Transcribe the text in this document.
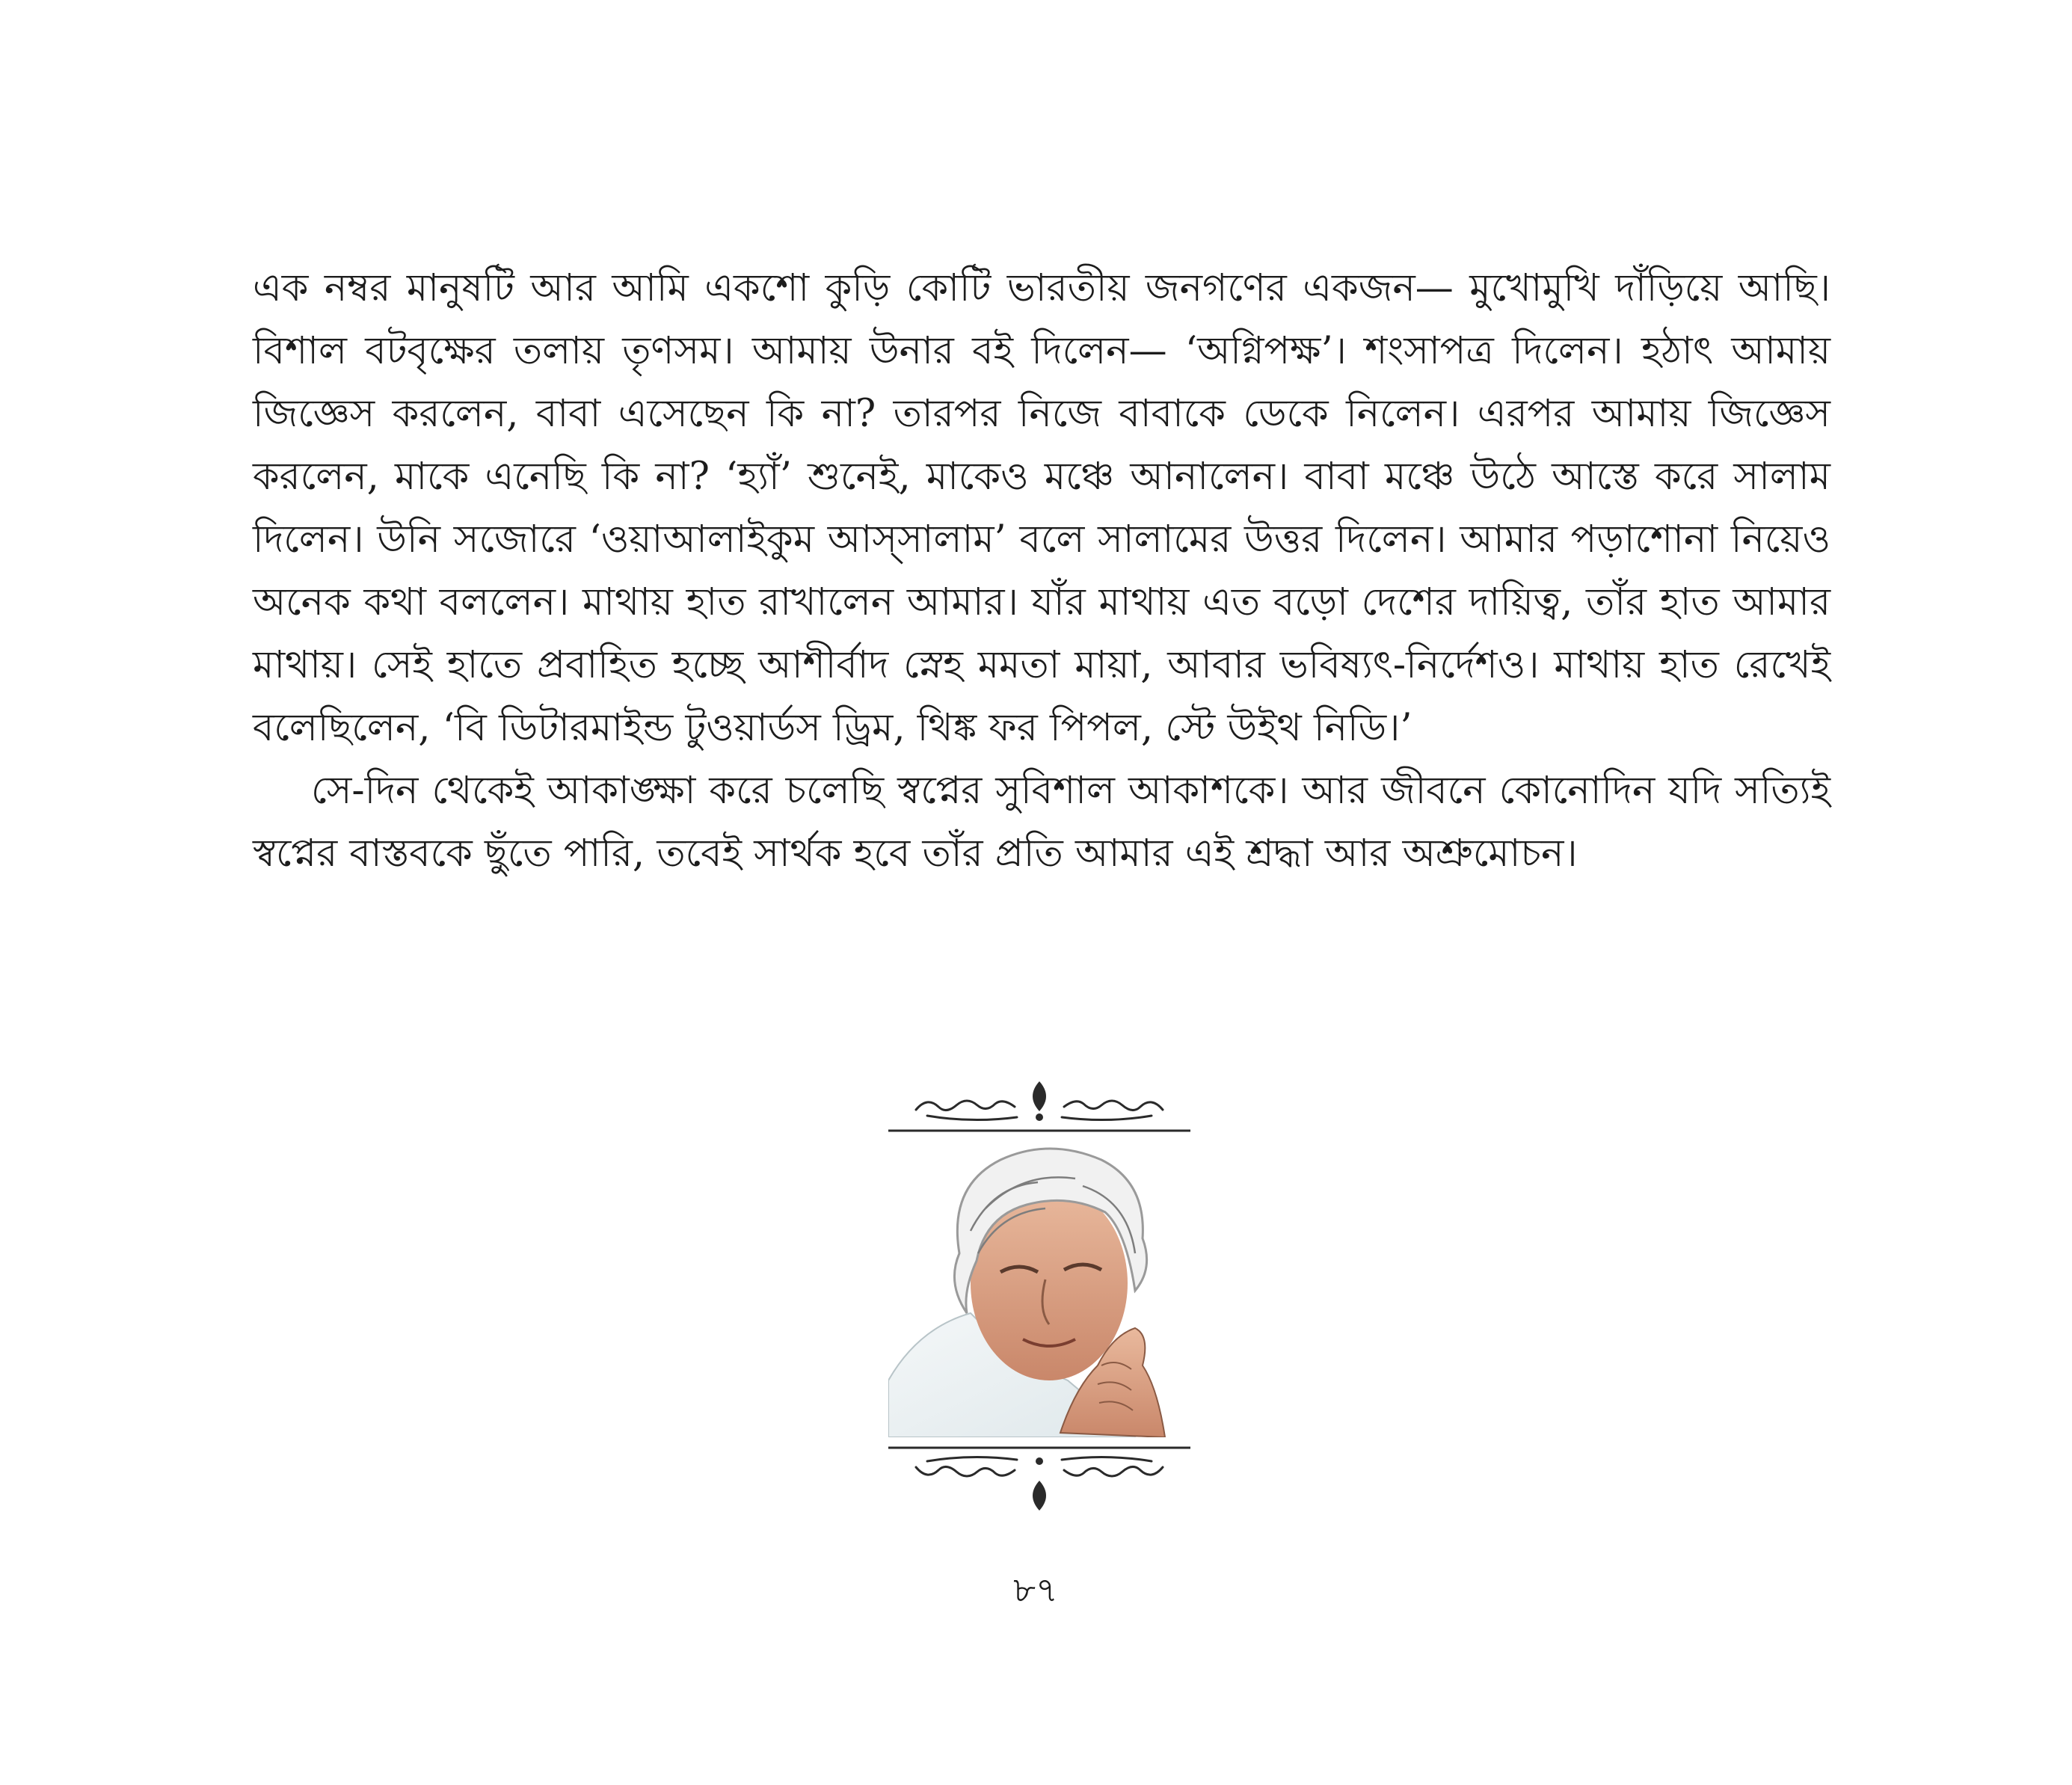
এক নম্বর মানুষটি আর আমি একশো কুড়ি কোটি ভারতীয় জনগণের একজন— মুখোমুখি দাঁড়িয়ে আছি। বিশাল বটবৃক্ষের তলায় তৃণসম। আমায় উনার বই দিলেন— ‘অগ্নিপক্ষ’। শংসাপত্র দিলেন। হঠাৎ আমায় জিজ্ঞেস করলেন, বাবা এসেছেন কি না? তারপর নিজে বাবাকে ডেকে নিলেন। এরপর আমায় জিজ্ঞেস করলেন, মাকে এনেছি কি না? ‘হ্যাঁ’ শুনেই, মাকেও মঞ্চে আনালেন। বাবা মঞ্চে উঠে আস্তে করে সালাম দিলেন। উনি সজোরে ‘ওয়াআলাইকুম আস্‌সালাম’ বলে সালামের উত্তর দিলেন। আমার পড়াশোনা নিয়েও অনেক কথা বললেন। মাথায় হাত রাখালেন আমার। যাঁর মাথায় এত বড়ো দেশের দায়িত্ব, তাঁর হাত আমার মাথায়। সেই হাতে প্রবাহিত হচ্ছে আশীর্বাদ স্নেহ মমতা মায়া, আবার ভবিষ্যৎ-নির্দেশও। মাথায় হাত রেখেই বলেছিলেন, ‘বি ডিটারমাইন্ড টুওয়ার্ডস ড্রিম, থিঙ্ক ফর পিপল, স্টে উইথ নিডি।’

সে-দিন থেকেই আকাঙ্ক্ষা করে চলেছি স্বপ্নের সুবিশাল আকাশকে। আর জীবনে কোনোদিন যদি সত্যিই স্বপ্নের বাস্তবকে ছুঁতে পারি, তবেই সার্থক হবে তাঁর প্রতি আমার এই শ্রদ্ধা আর অশ্রুমোচন।

৮৭
